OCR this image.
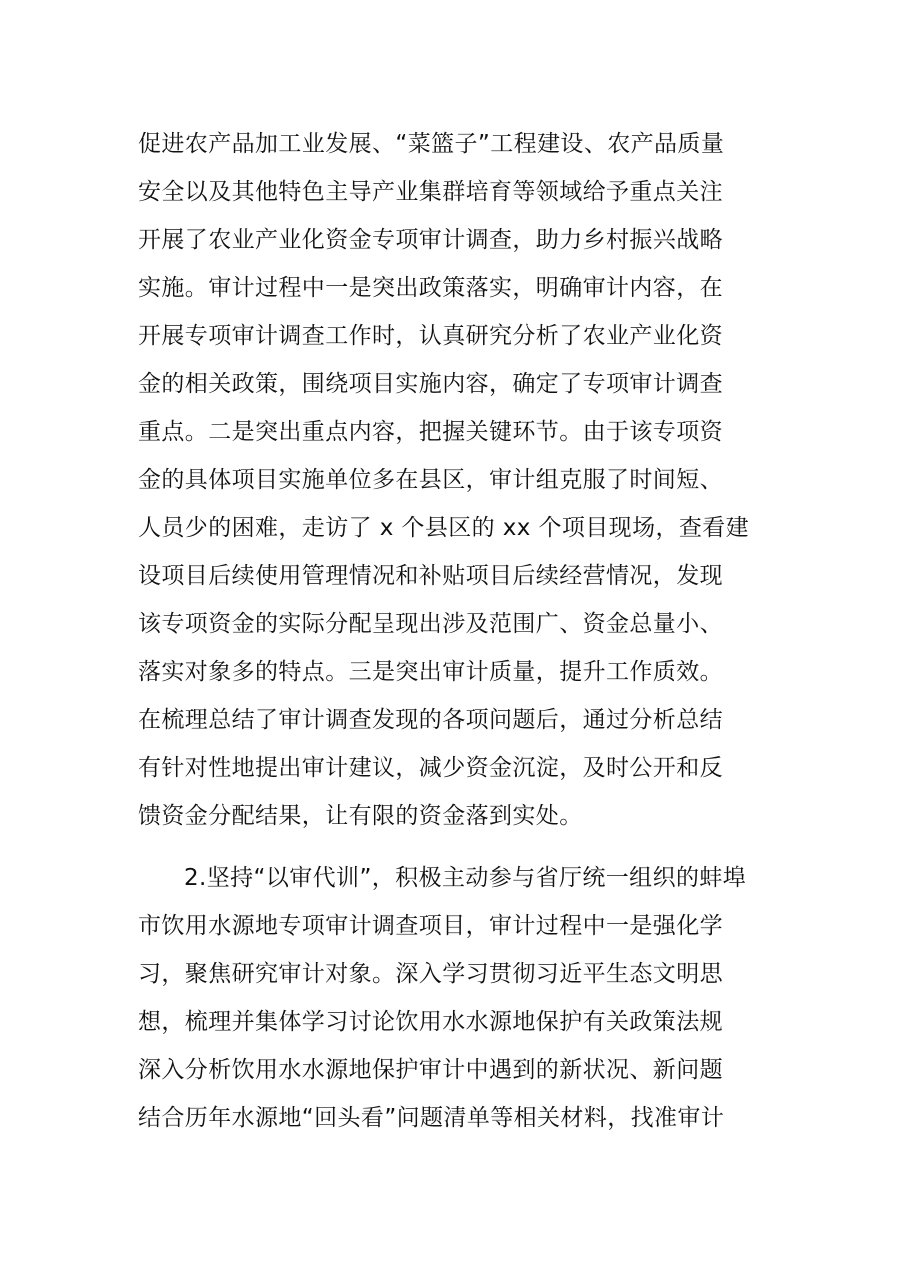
促进农产品加工业发展、“菜篮子”工程建设、农产品质量
安全以及其他特色主导产业集群培育等领域给予重点关注
开展了农业产业化资金专项审计调查，助力乡村振兴战略
实施。审计过程中一是突出政策落实，明确审计内容，在
开展专项审计调查工作时，认真研究分析了农业产业化资
金的相关政策，围绕项目实施内容，确定了专项审计调查
重点。二是突出重点内容，把握关键环节。由于该专项资
金的具体项目实施单位多在县区，审计组克服了时间短、
人员少的困难，走访了 x 个县区的 xx 个项目现场，查看建
设项目后续使用管理情况和补贴项目后续经营情况，发现
该专项资金的实际分配呈现出涉及范围广、资金总量小、
落实对象多的特点。三是突出审计质量，提升工作质效。
在梳理总结了审计调查发现的各项问题后，通过分析总结
有针对性地提出审计建议，减少资金沉淀，及时公开和反
馈资金分配结果，让有限的资金落到实处。
2.坚持“以审代训”，积极主动参与省厅统一组织的蚌埠
市饮用水源地专项审计调查项目，审计过程中一是强化学
习，聚焦研究审计对象。深入学习贯彻习近平生态文明思
想，梳理并集体学习讨论饮用水水源地保护有关政策法规
深入分析饮用水水源地保护审计中遇到的新状况、新问题
结合历年水源地“回头看”问题清单等相关材料，找准审计
